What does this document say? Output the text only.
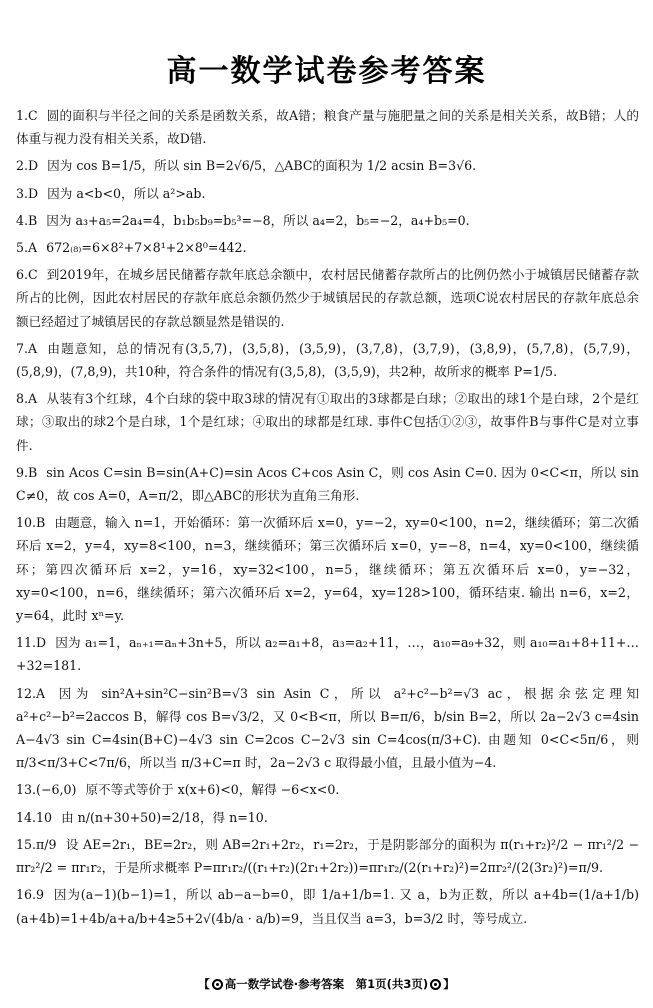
高一数学试卷参考答案
1.C 圆的面积与半径之间的关系是函数关系，故A错；粮食产量与施肥量之间的关系是相关关系，故B错；人的体重与视力没有相关关系，故D错.
2.D 因为 cos B=1/5，所以 sin B=2√6/5，△ABC的面积为 1/2 acsin B=3√6.
3.D 因为 a<b<0，所以 a²>ab.
4.B 因为 a₃+a₅=2a₄=4，b₁b₅b₉=b₅³=−8，所以 a₄=2，b₅=−2，a₄+b₅=0.
5.A 672₍₈₎=6×8²+7×8¹+2×8⁰=442.
6.C 到2019年，在城乡居民储蓄存款年底总余额中，农村居民储蓄存款所占的比例仍然小于城镇居民储蓄存款所占的比例，因此农村居民的存款年底总余额仍然少于城镇居民的存款总额，选项C说农村居民的存款年底总余额已经超过了城镇居民的存款总额显然是错误的.
7.A 由题意知，总的情况有(3,5,7)，(3,5,8)，(3,5,9)，(3,7,8)，(3,7,9)，(3,8,9)，(5,7,8)，(5,7,9)，(5,8,9)，(7,8,9)，共10种，符合条件的情况有(3,5,8)，(3,5,9)，共2种，故所求的概率 P=1/5.
8.A 从装有3个红球，4个白球的袋中取3球的情况有①取出的3球都是白球；②取出的球1个是白球，2个是红球；③取出的球2个是白球，1个是红球；④取出的球都是红球. 事件C包括①②③，故事件B与事件C是对立事件.
9.B sin Acos C=sin B=sin(A+C)=sin Acos C+cos Asin C，则 cos Asin C=0. 因为 0<C<π，所以 sin C≠0，故 cos A=0，A=π/2，即△ABC的形状为直角三角形.
10.B 由题意，输入 n=1，开始循环：第一次循环后 x=0，y=−2，xy=0<100，n=2，继续循环；第二次循环后 x=2，y=4，xy=8<100，n=3，继续循环；第三次循环后 x=0，y=−8，n=4，xy=0<100，继续循环；第四次循环后 x=2，y=16，xy=32<100，n=5，继续循环；第五次循环后 x=0，y=−32，xy=0<100，n=6，继续循环；第六次循环后 x=2，y=64，xy=128>100，循环结束. 输出 n=6，x=2，y=64，此时 xⁿ=y.
11.D 因为 a₁=1，aₙ₊₁=aₙ+3n+5，所以 a₂=a₁+8，a₃=a₂+11，…，a₁₀=a₉+32，则 a₁₀=a₁+8+11+…+32=181.
12.A 因为 sin²A+sin²C−sin²B=√3 sin Asin C，所以 a²+c²−b²=√3 ac，根据余弦定理知 a²+c²−b²=2accos B，解得 cos B=√3/2，又 0<B<π，所以 B=π/6，b/sin B=2，所以 2a−2√3 c=4sin A−4√3 sin C=4sin(B+C)−4√3 sin C=2cos C−2√3 sin C=4cos(π/3+C). 由题知 0<C<5π/6，则 π/3<π/3+C<7π/6，所以当 π/3+C=π 时，2a−2√3 c 取得最小值，且最小值为−4.
13.(−6,0) 原不等式等价于 x(x+6)<0，解得 −6<x<0.
14.10 由 n/(n+30+50)=2/18，得 n=10.
15.π/9 设 AE=2r₁，BE=2r₂，则 AB=2r₁+2r₂，r₁=2r₂，于是阴影部分的面积为 π(r₁+r₂)²/2 − πr₁²/2 − πr₂²/2 = πr₁r₂，于是所求概率 P=πr₁r₂/((r₁+r₂)(2r₁+2r₂))=πr₁r₂/(2(r₁+r₂)²)=2πr₂²/(2(3r₂)²)=π/9.
16.9 因为(a−1)(b−1)=1，所以 ab−a−b=0，即 1/a+1/b=1. 又 a，b为正数，所以 a+4b=(1/a+1/b)(a+4b)=1+4b/a+a/b+4≥5+2√(4b/a · a/b)=9，当且仅当 a=3，b=3/2 时，等号成立.
【 ○ 高一数学试卷·参考答案　第1页(共3页) ○ 】
